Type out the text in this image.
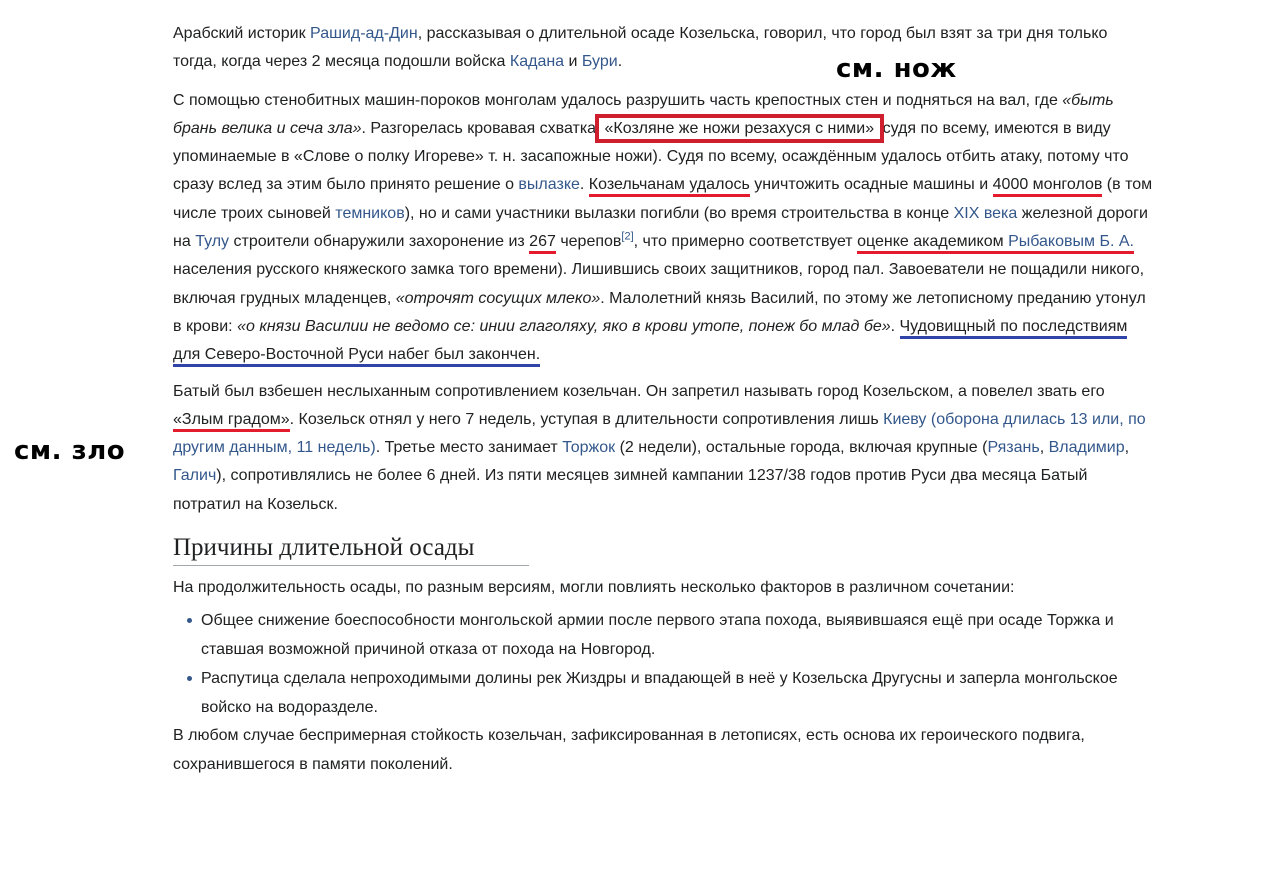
см. нож
см. зло

Арабский историк Рашид-ад-Дин, рассказывая о длительной осаде Козельска, говорил, что город был взят за три дня только тогда, когда через 2 месяца подошли войска Кадана и Бури.

С помощью стенобитных машин-пороков монголам удалось разрушить часть крепостных стен и подняться на вал, где «быть брань велика и сеча зла». Разгорелась кровавая схватка «Козляне же ножи резахуся с ними» судя по всему, имеются в виду упоминаемые в «Слове о полку Игореве» т. н. засапожные ножи). Судя по всему, осаждённым удалось отбить атаку, потому что сразу вслед за этим было принято решение о вылазке. Козельчанам удалось уничтожить осадные машины и 4000 монголов (в том числе троих сыновей темников), но и сами участники вылазки погибли (во время строительства в конце XIX века железной дороги на Тулу строители обнаружили захоронение из 267 черепов[2], что примерно соответствует оценке академиком Рыбаковым Б. А. населения русского княжеского замка того времени). Лишившись своих защитников, город пал. Завоеватели не пощадили никого, включая грудных младенцев, «отрочят сосущих млеко». Малолетний князь Василий, по этому же летописному преданию утонул в крови: «о князи Василии не ведомо се: инии глаголяху, яко в крови утопе, понеж бо млад бе». Чудовищный по последствиям для Северо-Восточной Руси набег был закончен.

Батый был взбешен неслыханным сопротивлением козельчан. Он запретил называть город Козельском, а повелел звать его «Злым градом». Козельск отнял у него 7 недель, уступая в длительности сопротивления лишь Киеву (оборона длилась 13 или, по другим данным, 11 недель). Третье место занимает Торжок (2 недели), остальные города, включая крупные (Рязань, Владимир, Галич), сопротивлялись не более 6 дней. Из пяти месяцев зимней кампании 1237/38 годов против Руси два месяца Батый потратил на Козельск.

Причины длительной осады

На продолжительность осады, по разным версиям, могли повлиять несколько факторов в различном сочетании:

Общее снижение боеспособности монгольской армии после первого этапа похода, выявившаяся ещё при осаде Торжка и ставшая возможной причиной отказа от похода на Новгород.
Распутица сделала непроходимыми долины рек Жиздры и впадающей в неё у Козельска Другусны и заперла монгольское войско на водоразделе.

В любом случае беспримерная стойкость козельчан, зафиксированная в летописях, есть основа их героического подвига, сохранившегося в памяти поколений.
